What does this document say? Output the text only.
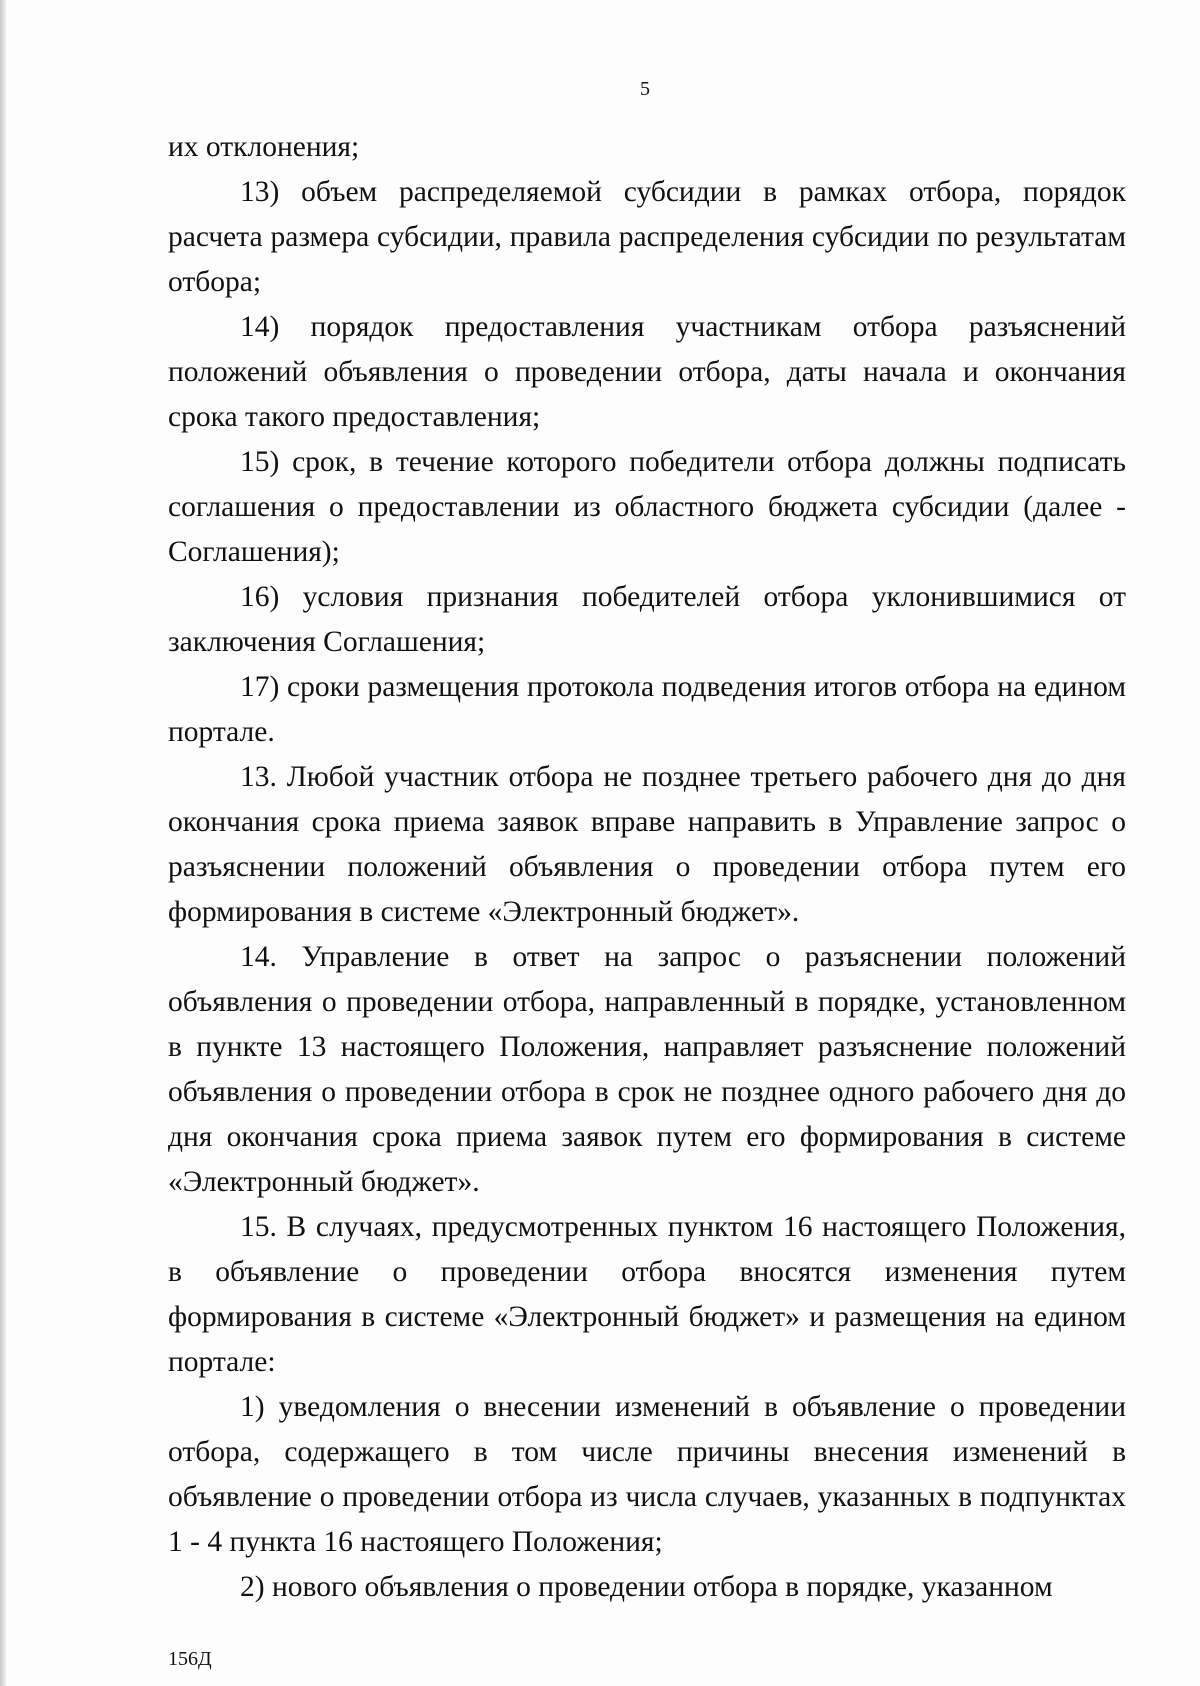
5

их отклонения;

13) объем распределяемой субсидии в рамках отбора, порядок расчета размера субсидии, правила распределения субсидии по результатам отбора;

14) порядок предоставления участникам отбора разъяснений положений объявления о проведении отбора, даты начала и окончания срока такого предоставления;

15) срок, в течение которого победители отбора должны подписать соглашения о предоставлении из областного бюджета субсидии (далее - Соглашения);

16) условия признания победителей отбора уклонившимися от заключения Соглашения;

17) сроки размещения протокола подведения итогов отбора на едином портале.

13. Любой участник отбора не позднее третьего рабочего дня до дня окончания срока приема заявок вправе направить в Управление запрос о разъяснении положений объявления о проведении отбора путем его формирования в системе «Электронный бюджет».

14. Управление в ответ на запрос о разъяснении положений объявления о проведении отбора, направленный в порядке, установленном в пункте 13 настоящего Положения, направляет разъяснение положений объявления о проведении отбора в срок не позднее одного рабочего дня до дня окончания срока приема заявок путем его формирования в системе «Электронный бюджет».

15. В случаях, предусмотренных пунктом 16 настоящего Положения, в объявление о проведении отбора вносятся изменения путем формирования в системе «Электронный бюджет» и размещения на едином портале:

1) уведомления о внесении изменений в объявление о проведении отбора, содержащего в том числе причины внесения изменений в объявление о проведении отбора из числа случаев, указанных в подпунктах 1 - 4 пункта 16 настоящего Положения;

2) нового объявления о проведении отбора в порядке, указанном

156Д
